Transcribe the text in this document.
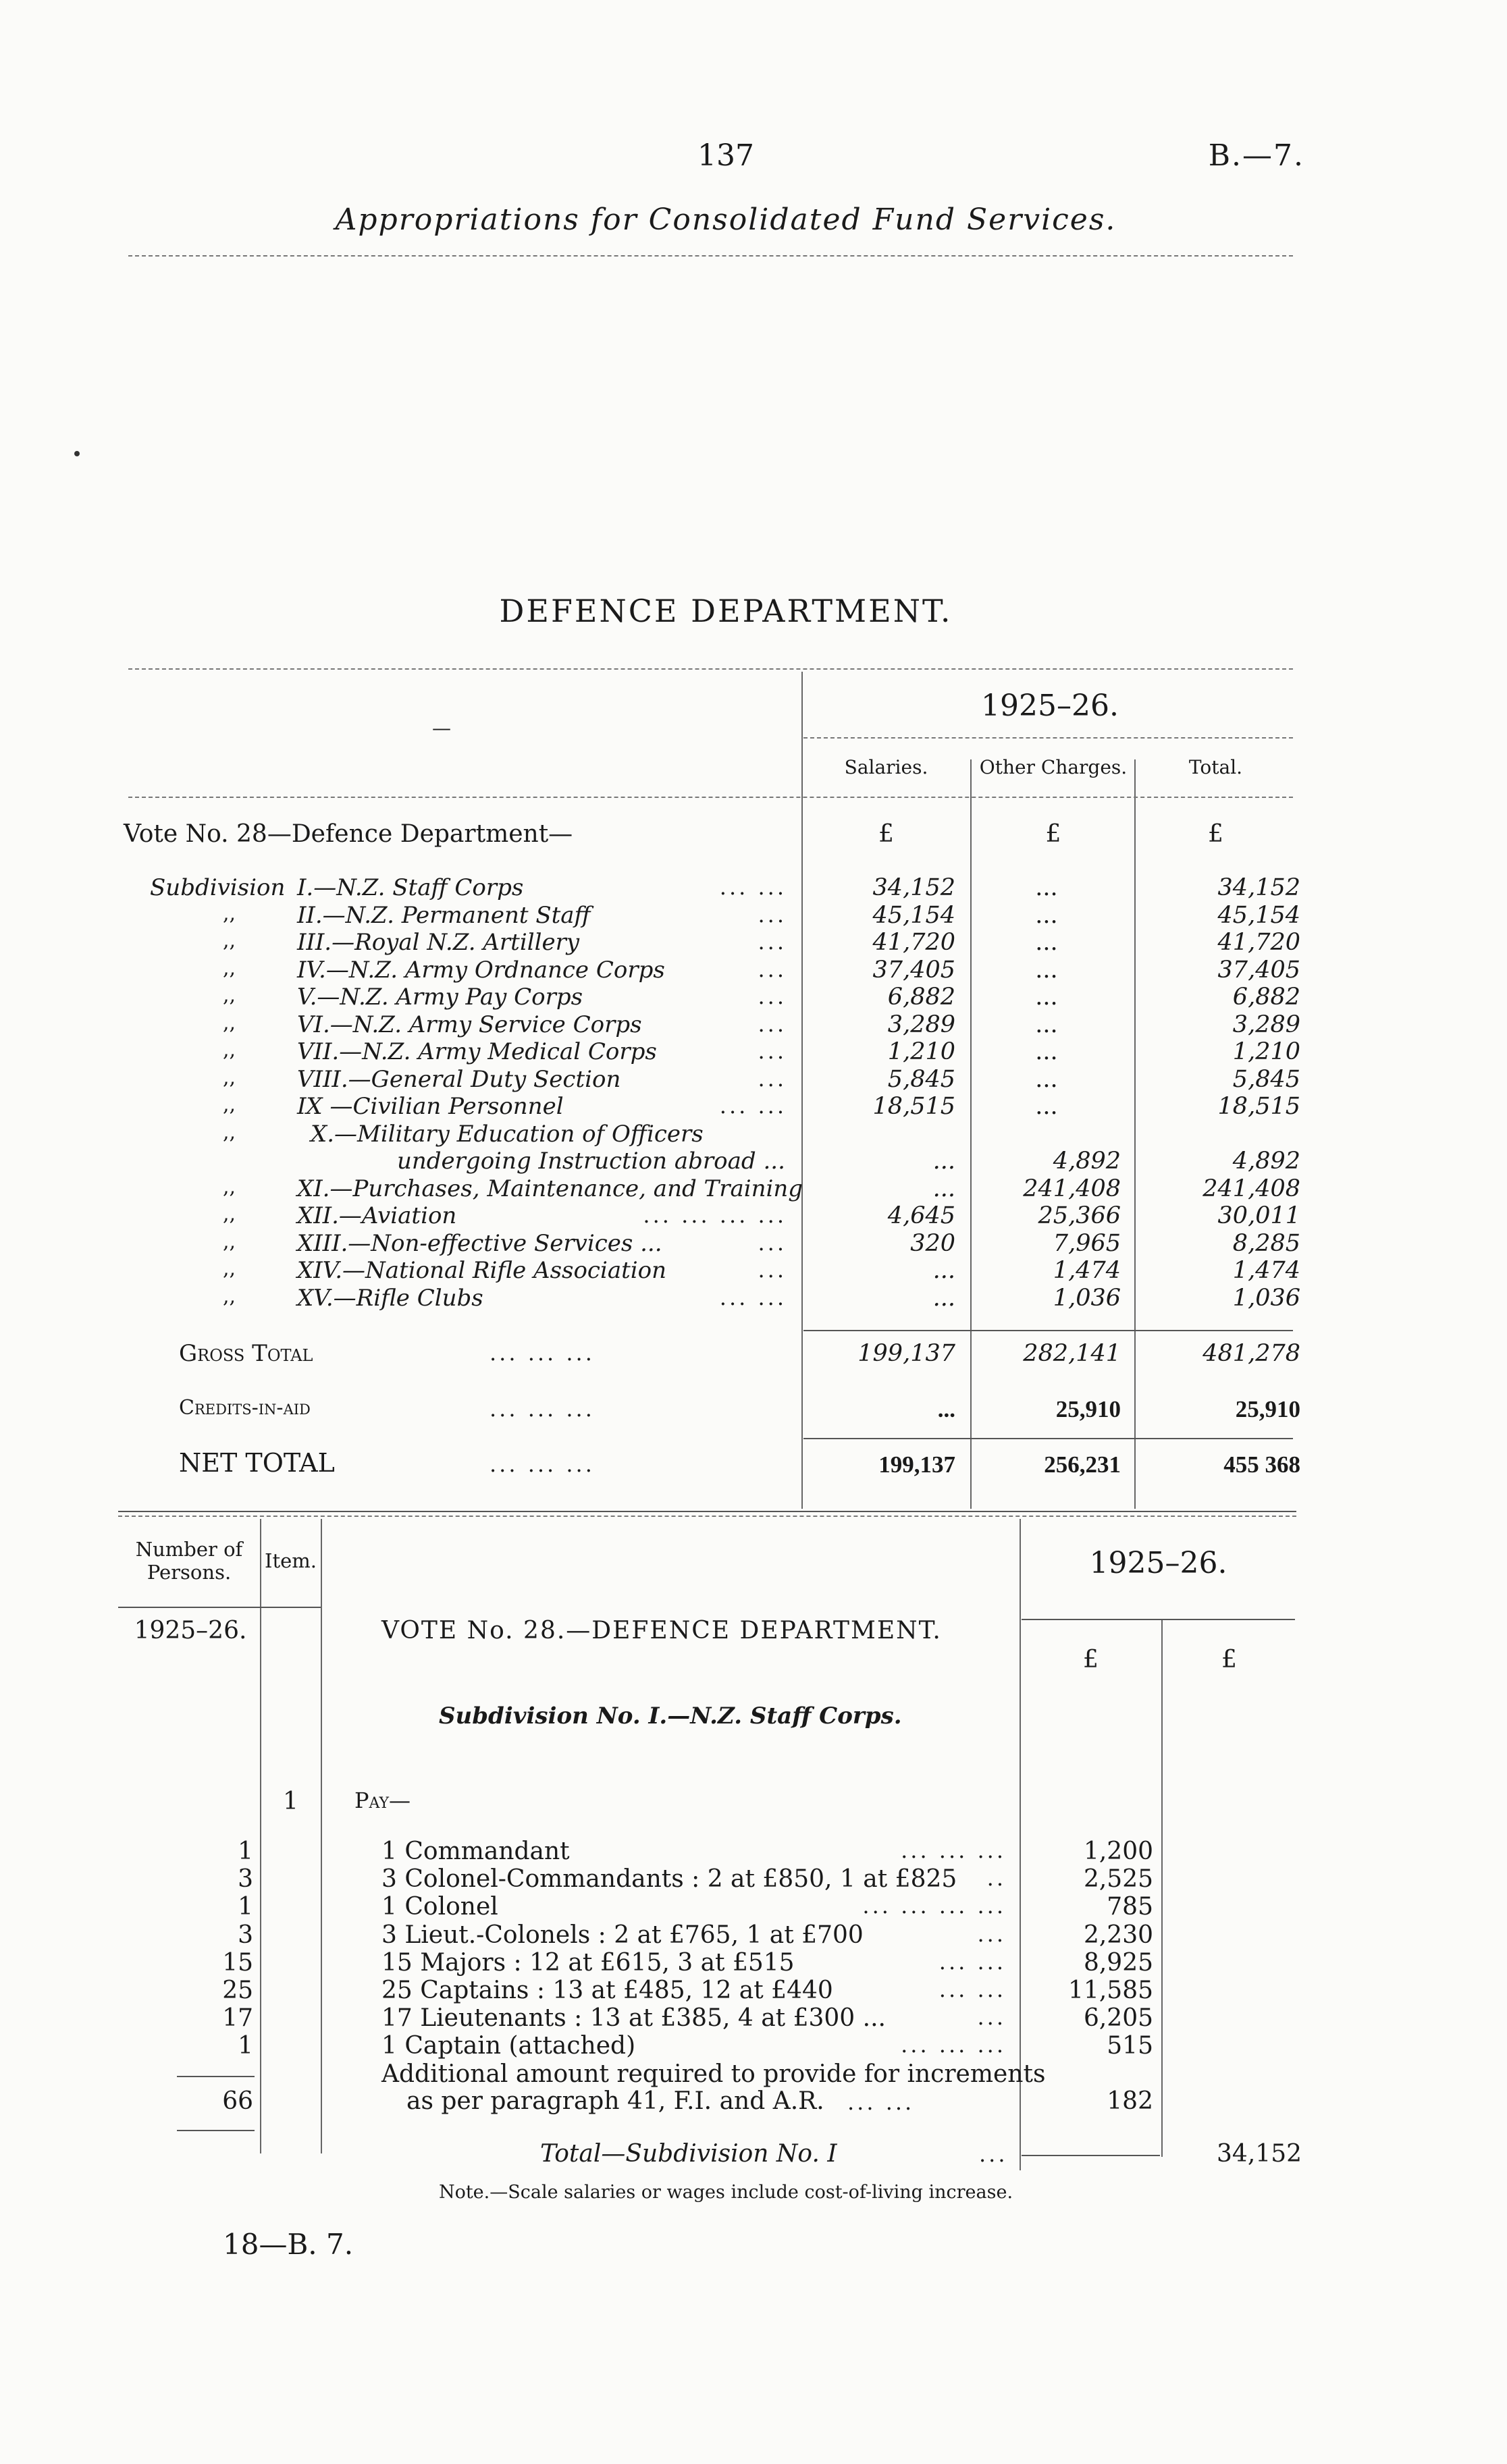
137	B.—7.
Appropriations for Consolidated Fund Services.
DEFENCE DEPARTMENT.
1925–26.
—
Salaries.	Other Charges.	Total.
Vote No. 28—Defence Department—	£	£	£
Subdivision I.—N.Z. Staff Corps	... ...	34,152	...	34,152
,,	II.—N.Z. Permanent Staff	...	45,154	...	45,154
,,	III.—Royal N.Z. Artillery	...	41,720	...	41,720
,,	IV.—N.Z. Army Ordnance Corps	...	37,405	...	37,405
,,	V.—N.Z. Army Pay Corps	...	6,882	...	6,882
,,	VI.—N.Z. Army Service Corps	...	3,289	...	3,289
,,	VII.—N.Z. Army Medical Corps	...	1,210	...	1,210
,,	VIII.—General Duty Section	...	5,845	...	5,845
,,	IX —Civilian Personnel	... ...	18,515	...	18,515
,,	X.—Military Education of Officers
undergoing Instruction abroad ...	...	4,892	4,892
,,	XI.—Purchases, Maintenance, and Training	...	241,408	241,408
,,	XII.—Aviation	... ... ... ...	4,645	25,366	30,011
,,	XIII.—Non-effective Services ...	...	320	7,965	8,285
,,	XIV.—National Rifle Association	...	...	1,474	1,474
,,	XV.—Rifle Clubs	... ...	...	1,036	1,036
Gross Total	... ... ...	199,137	282,141	481,278
Credits-in-aid	... ... ...	...	25,910	25,910
NET TOTAL	... ... ...	199,137	256,231	455 368
Number of Persons.	Item.	1925–26.
1925–26.	VOTE No. 28.—DEFENCE DEPARTMENT.
£	£
Subdivision No. I.—N.Z. Staff Corps.
1	Pay—
1	1 Commandant	... ... ...	1,200
3	3 Colonel-Commandants : 2 at £850, 1 at £825	..	2,525
1	1 Colonel	... ... ... ...	785
3	3 Lieut.-Colonels : 2 at £765, 1 at £700	...	2,230
15	15 Majors : 12 at £615, 3 at £515	... ...	8,925
25	25 Captains : 13 at £485, 12 at £440	... ...	11,585
17	17 Lieutenants : 13 at £385, 4 at £300 ...	...	6,205
1	1 Captain (attached)	... ... ...	515
Additional amount required to provide for increments
as per paragraph 41, F.I. and A.R. ... ...	182
66
Total—Subdivision No. I	...	34,152
Note.—Scale salaries or wages include cost-of-living increase.
18—B. 7.
